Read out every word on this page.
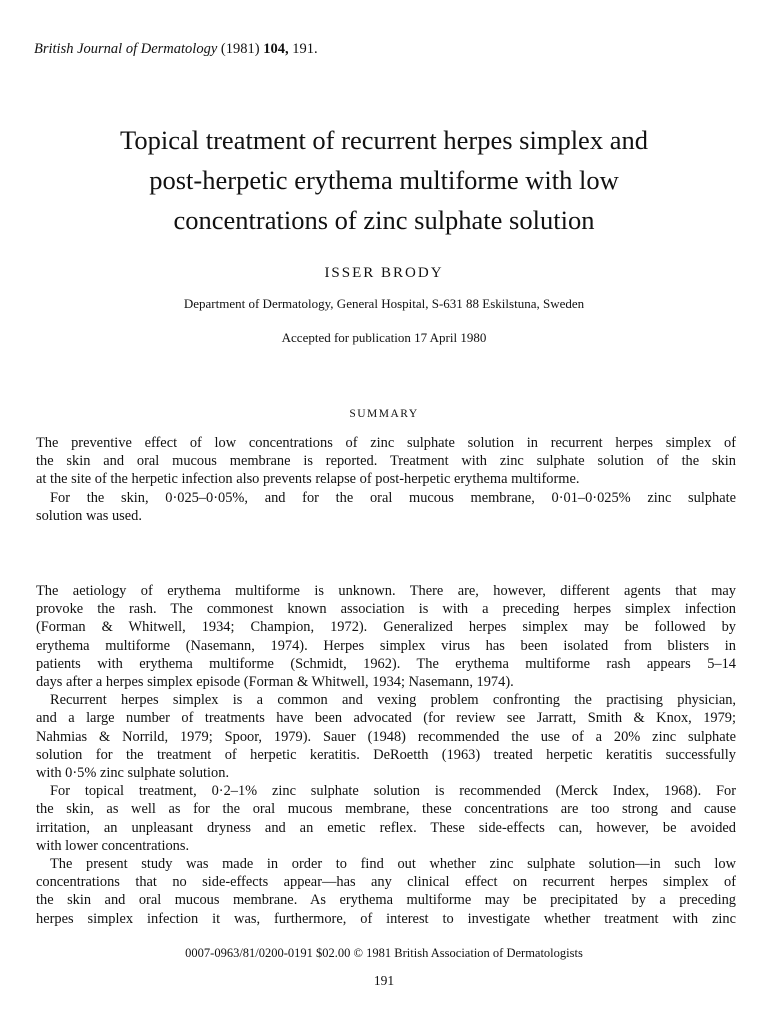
British Journal of Dermatology (1981) 104, 191.
Topical treatment of recurrent herpes simplex and
post-herpetic erythema multiforme with low
concentrations of zinc sulphate solution
ISSER BRODY
Department of Dermatology, General Hospital, S-631 88 Eskilstuna, Sweden
Accepted for publication 17 April 1980
SUMMARY
The preventive effect of low concentrations of zinc sulphate solution in recurrent herpes simplex of
the skin and oral mucous membrane is reported. Treatment with zinc sulphate solution of the skin
at the site of the herpetic infection also prevents relapse of post-herpetic erythema multiforme.
For the skin, 0·025–0·05%, and for the oral mucous membrane, 0·01–0·025% zinc sulphate
solution was used.
The aetiology of erythema multiforme is unknown. There are, however, different agents that may
provoke the rash. The commonest known association is with a preceding herpes simplex infection
(Forman & Whitwell, 1934; Champion, 1972). Generalized herpes simplex may be followed by
erythema multiforme (Nasemann, 1974). Herpes simplex virus has been isolated from blisters in
patients with erythema multiforme (Schmidt, 1962). The erythema multiforme rash appears 5–14
days after a herpes simplex episode (Forman & Whitwell, 1934; Nasemann, 1974).
Recurrent herpes simplex is a common and vexing problem confronting the practising physician,
and a large number of treatments have been advocated (for review see Jarratt, Smith & Knox, 1979;
Nahmias & Norrild, 1979; Spoor, 1979). Sauer (1948) recommended the use of a 20% zinc sulphate
solution for the treatment of herpetic keratitis. DeRoetth (1963) treated herpetic keratitis successfully
with 0·5% zinc sulphate solution.
For topical treatment, 0·2–1% zinc sulphate solution is recommended (Merck Index, 1968). For
the skin, as well as for the oral mucous membrane, these concentrations are too strong and cause
irritation, an unpleasant dryness and an emetic reflex. These side-effects can, however, be avoided
with lower concentrations.
The present study was made in order to find out whether zinc sulphate solution—in such low
concentrations that no side-effects appear—has any clinical effect on recurrent herpes simplex of
the skin and oral mucous membrane. As erythema multiforme may be precipitated by a preceding
herpes simplex infection it was, furthermore, of interest to investigate whether treatment with zinc
0007-0963/81/0200-0191 $02.00 © 1981 British Association of Dermatologists
191
